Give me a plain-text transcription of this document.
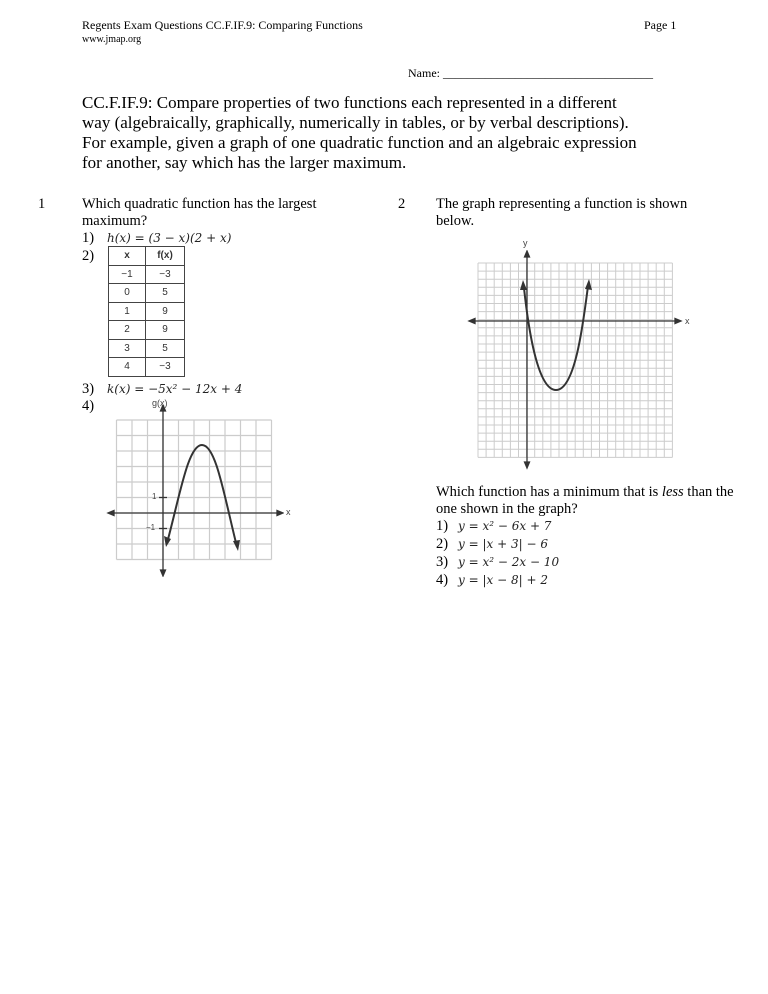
Regents Exam Questions CC.F.IF.9: Comparing Functions
www.jmap.org
Page 1
Name: ___________________________________
CC.F.IF.9: Compare properties of two functions each represented in a different way (algebraically, graphically, numerically in tables, or by verbal descriptions). For example, given a graph of one quadratic function and an algebraic expression for another, say which has the larger maximum.
1	Which quadratic function has the largest maximum?
1) h(x) = (3 − x)(2 + x)
2)	x	f(x)
−1	−3
0	5
1	9
2	9
3	5
4	−3
3) k(x) = −5x² − 12x + 4
4)	g(x)
x
1
−1
2 The graph representing a function is shown below.
y
x
Which function has a minimum that is less than the one shown in the graph?
1) y = x² − 6x + 7
2) y = |x + 3| − 6
3) y = x² − 2x − 10
4) y = |x − 8| + 2
